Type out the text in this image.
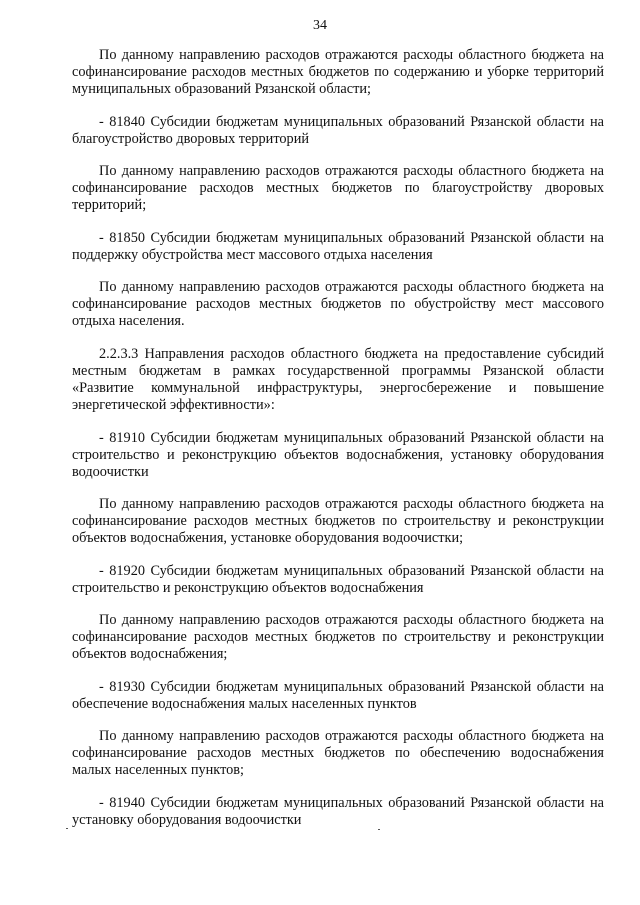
34

По данному направлению расходов отражаются расходы областного бюджета на софинансирование расходов местных бюджетов по содержанию и уборке территорий муниципальных образований Рязанской области;

- 81840 Субсидии бюджетам муниципальных образований Рязанской области на благоустройство дворовых территорий

По данному направлению расходов отражаются расходы областного бюджета на софинансирование расходов местных бюджетов по благоустройству дворовых территорий;

- 81850 Субсидии бюджетам муниципальных образований Рязанской области на поддержку обустройства мест массового отдыха населения

По данному направлению расходов отражаются расходы областного бюджета на софинансирование расходов местных бюджетов по обустройству мест массового отдыха населения.

2.2.3.3 Направления расходов областного бюджета на предоставление субсидий местным бюджетам в рамках государственной программы Рязанской области «Развитие коммунальной инфраструктуры, энергосбережение и повышение энергетической эффективности»:

- 81910 Субсидии бюджетам муниципальных образований Рязанской области на строительство и реконструкцию объектов водоснабжения, установку оборудования водоочистки

По данному направлению расходов отражаются расходы областного бюджета на софинансирование расходов местных бюджетов по строительству и реконструкции объектов водоснабжения, установке оборудования водоочистки;

- 81920 Субсидии бюджетам муниципальных образований Рязанской области на строительство и реконструкцию объектов водоснабжения

По данному направлению расходов отражаются расходы областного бюджета на софинансирование расходов местных бюджетов по строительству и реконструкции объектов водоснабжения;

- 81930 Субсидии бюджетам муниципальных образований Рязанской области на обеспечение водоснабжения малых населенных пунктов

По данному направлению расходов отражаются расходы областного бюджета на софинансирование расходов местных бюджетов по обеспечению водоснабжения малых населенных пунктов;

- 81940 Субсидии бюджетам муниципальных образований Рязанской области на установку оборудования водоочистки
